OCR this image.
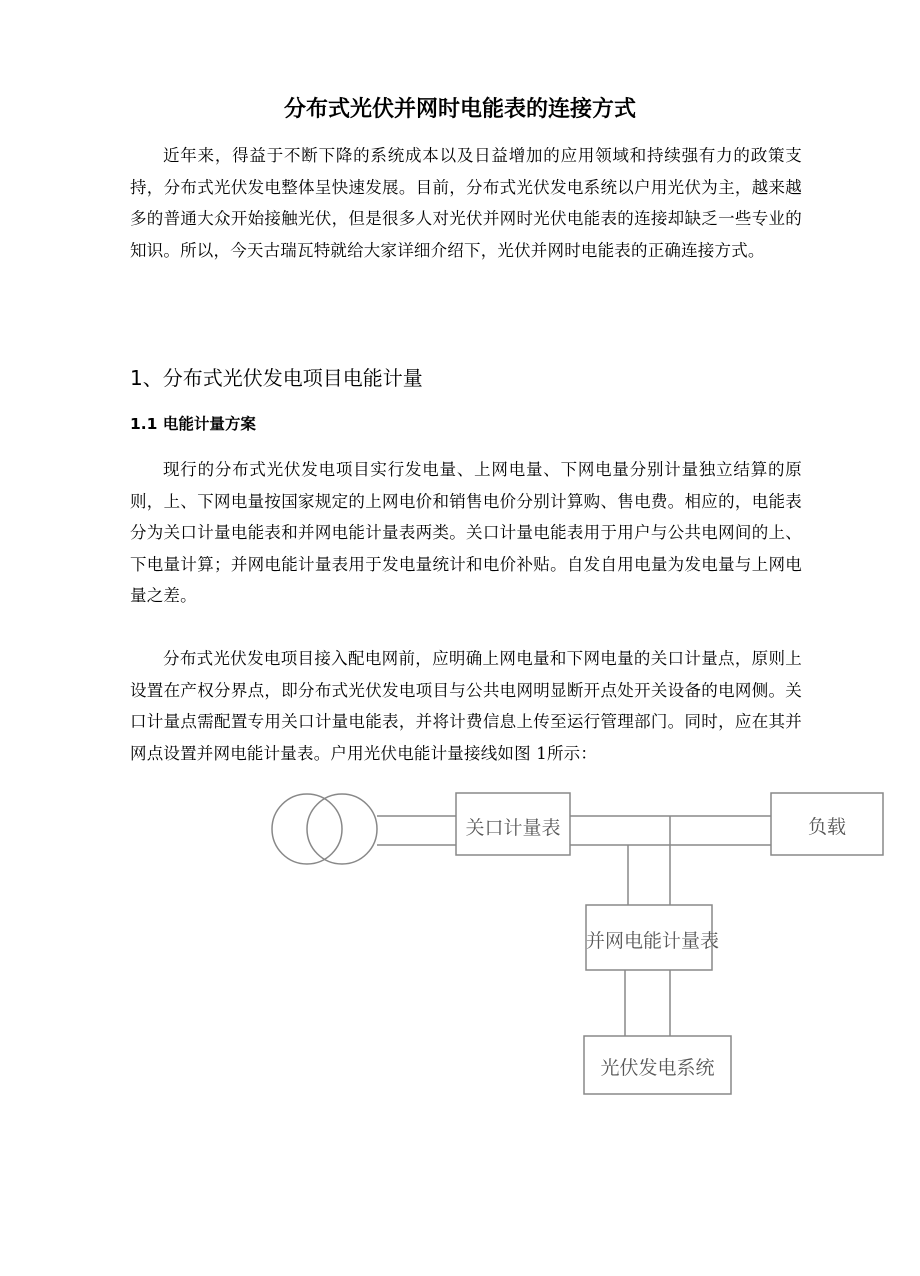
分布式光伏并网时电能表的连接方式

近年来，得益于不断下降的系统成本以及日益增加的应用领域和持续强有力的政策支持，分布式光伏发电整体呈快速发展。目前，分布式光伏发电系统以户用光伏为主，越来越多的普通大众开始接触光伏，但是很多人对光伏并网时光伏电能表的连接却缺乏一些专业的知识。所以，今天古瑞瓦特就给大家详细介绍下，光伏并网时电能表的正确连接方式。

1、分布式光伏发电项目电能计量
1.1 电能计量方案

现行的分布式光伏发电项目实行发电量、上网电量、下网电量分别计量独立结算的原则，上、下网电量按国家规定的上网电价和销售电价分别计算购、售电费。相应的，电能表分为关口计量电能表和并网电能计量表两类。关口计量电能表用于用户与公共电网间的上、下电量计算；并网电能计量表用于发电量统计和电价补贴。自发自用电量为发电量与上网电量之差。

分布式光伏发电项目接入配电网前，应明确上网电量和下网电量的关口计量点，原则上设置在产权分界点，即分布式光伏发电项目与公共电网明显断开点处开关设备的电网侧。关口计量点需配置专用关口计量电能表，并将计费信息上传至运行管理部门。同时，应在其并网点设置并网电能计量表。户用光伏电能计量接线如图 1所示：

关口计量表	负载
并网电能计量表
光伏发电系统
